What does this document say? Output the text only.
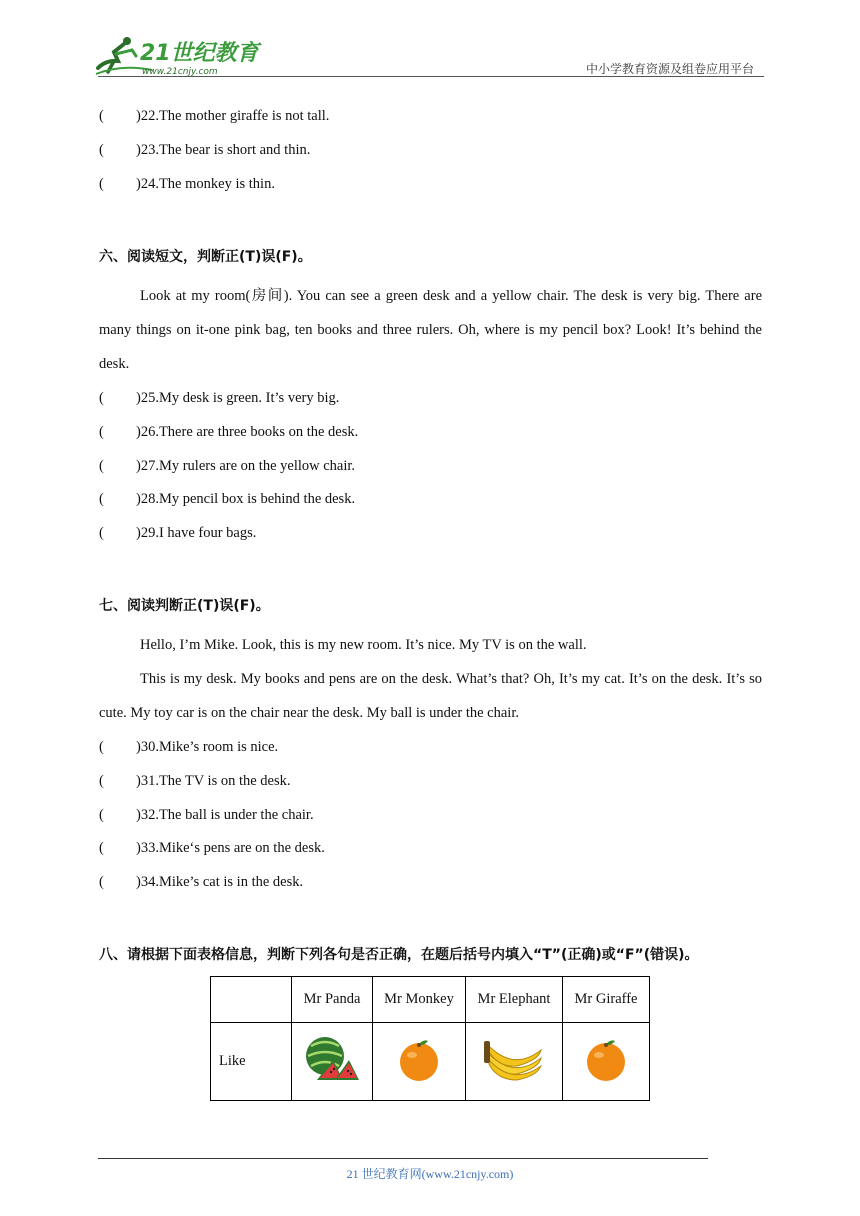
21世纪教育
www.21cnjy.com	中小学教育资源及组卷应用平台
( )22.The mother giraffe is not tall.
( )23.The bear is short and thin.
( )24.The monkey is thin.
六、阅读短文，判断正(T)误(F)。

Look at my room(房间). You can see a green desk and a yellow chair. The desk is very big. There are many things on it-one pink bag, ten books and three rulers. Oh, where is my pencil box? Look! It’s behind the desk.

( )25.My desk is green. It’s very big.
( )26.There are three books on the desk.
( )27.My rulers are on the yellow chair.
( )28.My pencil box is behind the desk.
( )29.I have four bags.
七、阅读判断正(T)误(F)。

Hello, I’m Mike. Look, this is my new room. It’s nice. My TV is on the wall.

This is my desk. My books and pens are on the desk. What’s that? Oh, It’s my cat. It’s on the desk. It’s so cute. My toy car is on the chair near the desk. My ball is under the chair.

( )30.Mike’s room is nice.
( )31.The TV is on the desk.
( )32.The ball is under the chair.
( )33.Mike‘s pens are on the desk.
( )34.Mike’s cat is in the desk.
八、请根据下面表格信息，判断下列各句是否正确，在题后括号内填入“T”(正确)或“F”(错误)。
	Mr Panda	Mr Monkey	Mr Elephant	Mr Giraffe
Like				
21 世纪教育网(www.21cnjy.com)
